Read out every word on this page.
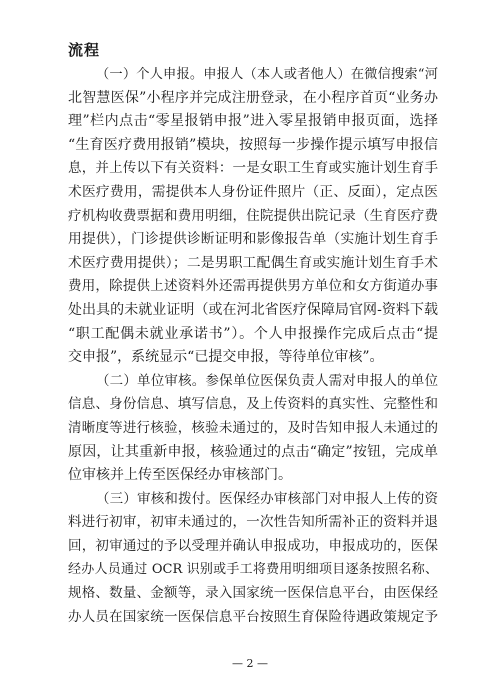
流程
（一）个人申报。申报人（本人或者他人）在微信搜索“河
北智慧医保”小程序并完成注册登录，在小程序首页“业务办
理”栏内点击“零星报销申报”进入零星报销申报页面，选择
“生育医疗费用报销”模块，按照每一步操作提示填写申报信
息，并上传以下有关资料：一是女职工生育或实施计划生育手
术医疗费用，需提供本人身份证件照片（正、反面），定点医
疗机构收费票据和费用明细，住院提供出院记录（生育医疗费
用提供），门诊提供诊断证明和影像报告单（实施计划生育手
术医疗费用提供）；二是男职工配偶生育或实施计划生育手术
费用，除提供上述资料外还需再提供男方单位和女方街道办事
处出具的未就业证明（或在河北省医疗保障局官网-资料下载
“职工配偶未就业承诺书”）。个人申报操作完成后点击“提
交申报”，系统显示“已提交申报，等待单位审核”。
（二）单位审核。参保单位医保负责人需对申报人的单位
信息、身份信息、填写信息，及上传资料的真实性、完整性和
清晰度等进行核验，核验未通过的，及时告知申报人未通过的
原因，让其重新申报，核验通过的点击“确定”按钮，完成单
位审核并上传至医保经办审核部门。
（三）审核和拨付。医保经办审核部门对申报人上传的资
料进行初审，初审未通过的，一次性告知所需补正的资料并退
回，初审通过的予以受理并确认申报成功，申报成功的，医保
经办人员通过 OCR 识别或手工将费用明细项目逐条按照名称、
规格、数量、金额等，录入国家统一医保信息平台，由医保经
办人员在国家统一医保信息平台按照生育保险待遇政策规定予
— 2 —
